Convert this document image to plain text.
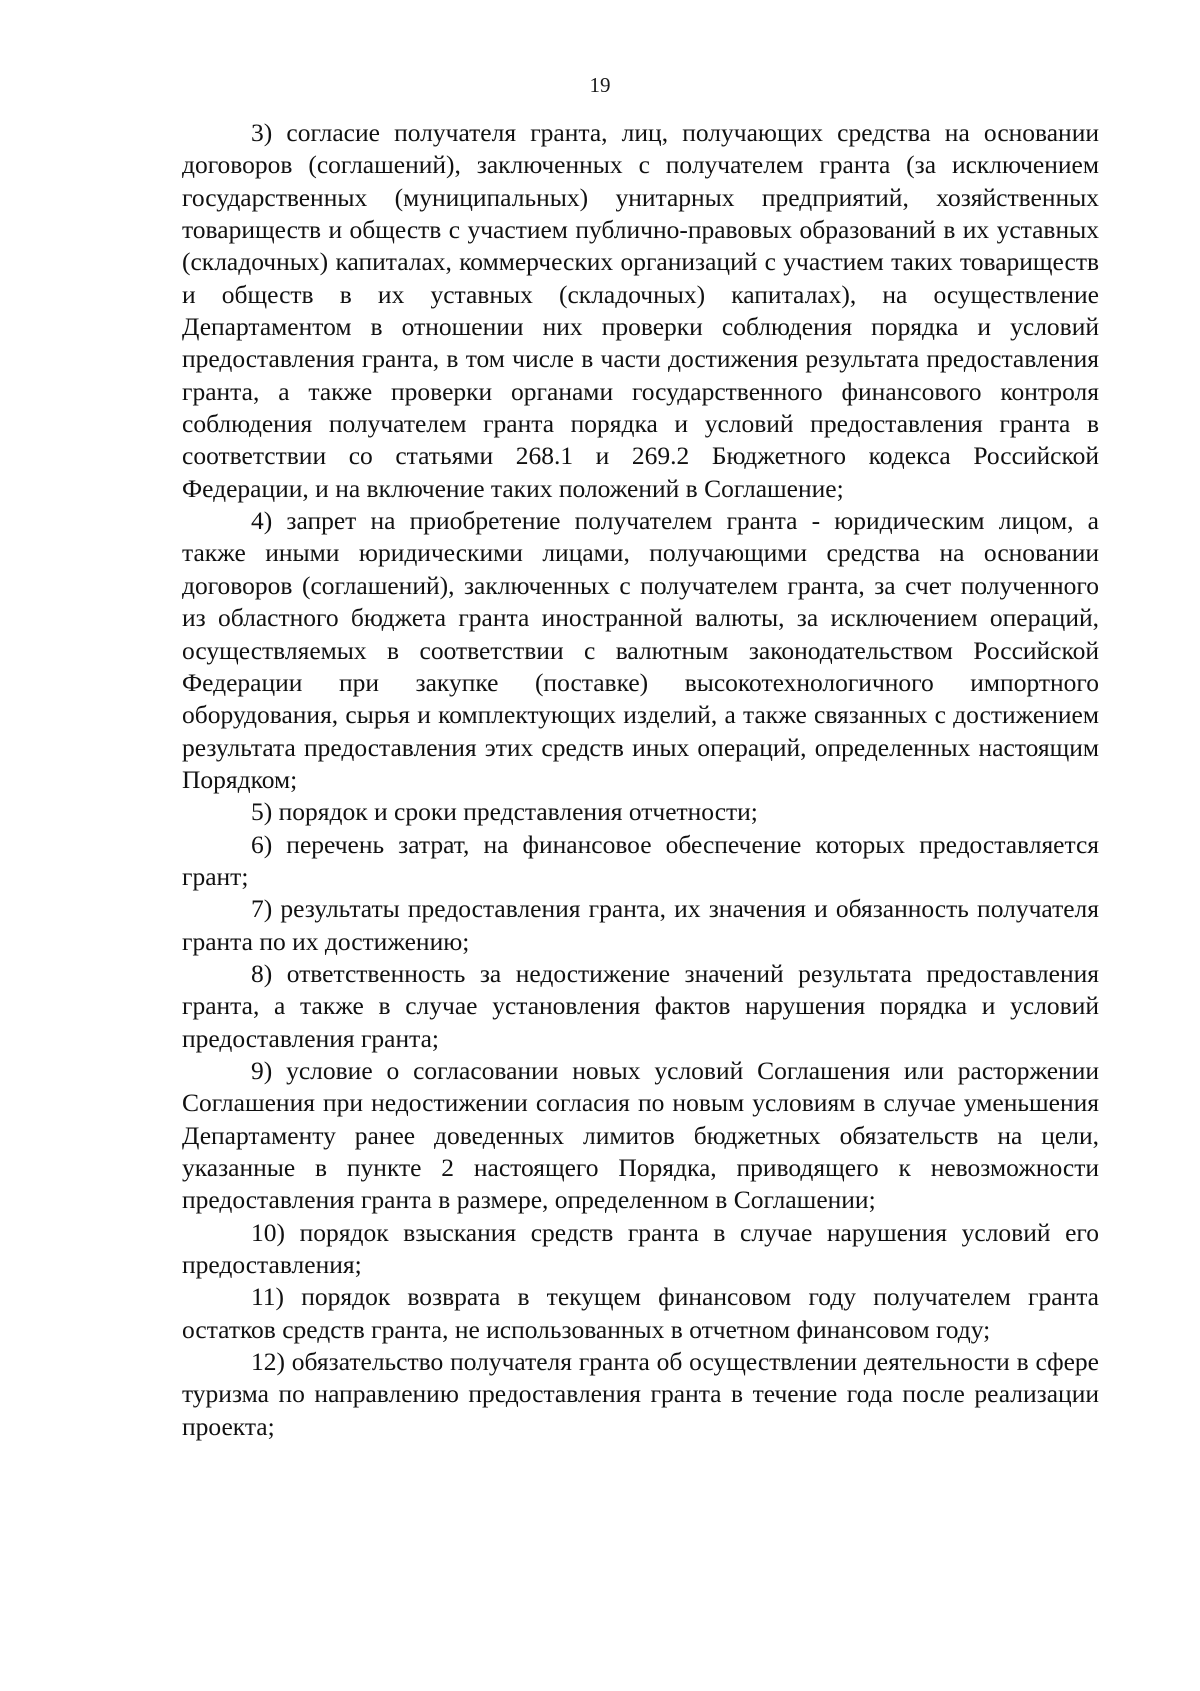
19

3) согласие получателя гранта, лиц, получающих средства на основании договоров (соглашений), заключенных с получателем гранта (за исключением государственных (муниципальных) унитарных предприятий, хозяйственных товариществ и обществ с участием публично-правовых образований в их уставных (складочных) капиталах, коммерческих организаций с участием таких товариществ и обществ в их уставных (складочных) капиталах), на осуществление Департаментом в отношении них проверки соблюдения порядка и условий предоставления гранта, в том числе в части достижения результата предоставления гранта, а также проверки органами государственного финансового контроля соблюдения получателем гранта порядка и условий предоставления гранта в соответствии со статьями 268.1 и 269.2 Бюджетного кодекса Российской Федерации, и на включение таких положений в Соглашение;

4) запрет на приобретение получателем гранта - юридическим лицом, а также иными юридическими лицами, получающими средства на основании договоров (соглашений), заключенных с получателем гранта, за счет полученного из областного бюджета гранта иностранной валюты, за исключением операций, осуществляемых в соответствии с валютным законодательством Российской Федерации при закупке (поставке) высокотехнологичного импортного оборудования, сырья и комплектующих изделий, а также связанных с достижением результата предоставления этих средств иных операций, определенных настоящим Порядком;

5) порядок и сроки представления отчетности;

6) перечень затрат, на финансовое обеспечение которых предоставляется грант;

7) результаты предоставления гранта, их значения и обязанность получателя гранта по их достижению;

8) ответственность за недостижение значений результата предоставления гранта, а также в случае установления фактов нарушения порядка и условий предоставления гранта;

9) условие о согласовании новых условий Соглашения или расторжении Соглашения при недостижении согласия по новым условиям в случае уменьшения Департаменту ранее доведенных лимитов бюджетных обязательств на цели, указанные в пункте 2 настоящего Порядка, приводящего к невозможности предоставления гранта в размере, определенном в Соглашении;

10) порядок взыскания средств гранта в случае нарушения условий его предоставления;

11) порядок возврата в текущем финансовом году получателем гранта остатков средств гранта, не использованных в отчетном финансовом году;

12) обязательство получателя гранта об осуществлении деятельности в сфере туризма по направлению предоставления гранта в течение года после реализации проекта;
